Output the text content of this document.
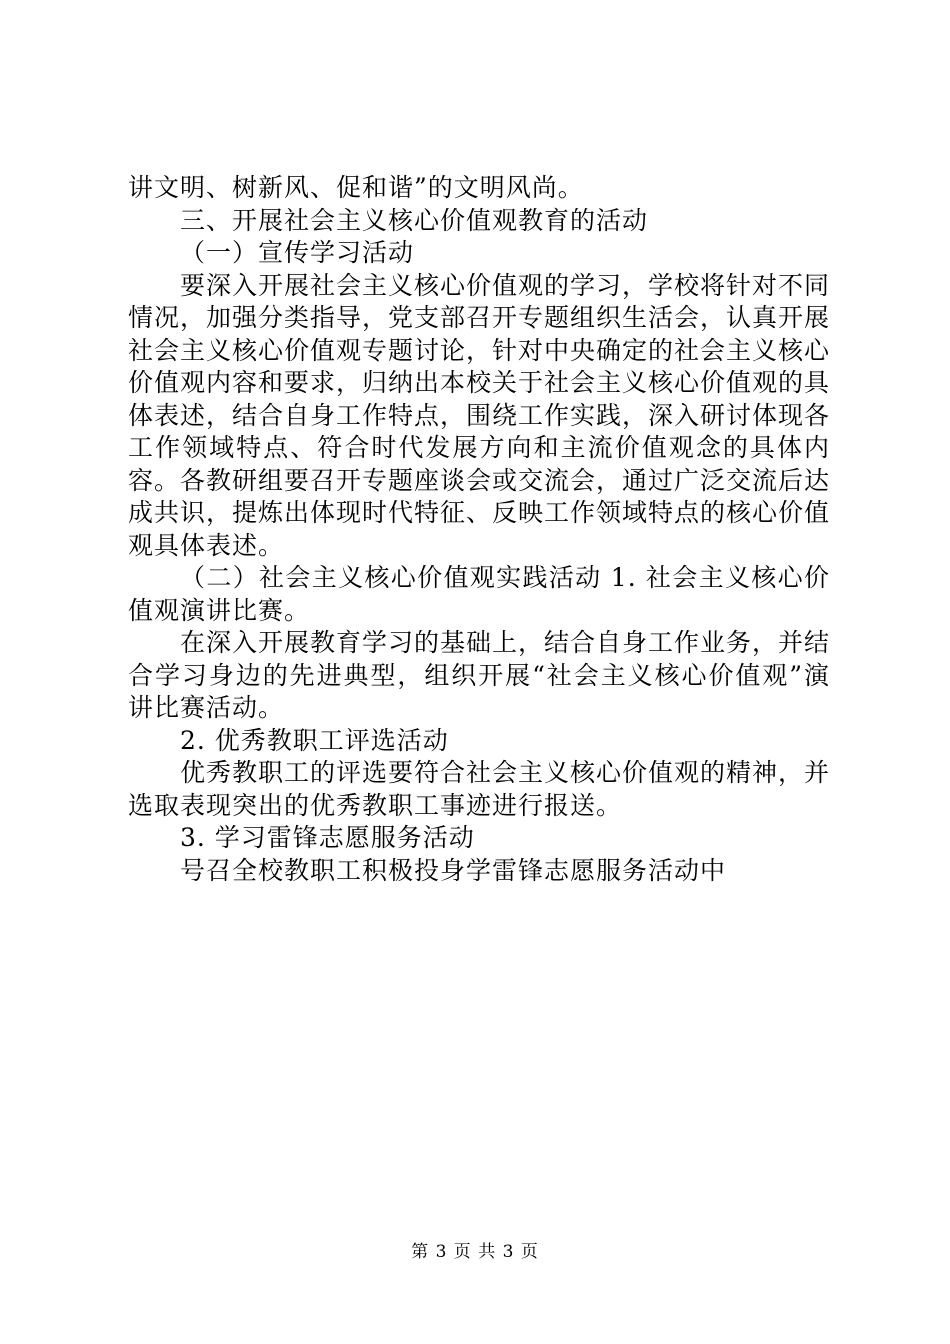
讲文明、树新风、促和谐”的文明风尚。

三、开展社会主义核心价值观教育的活动

（一）宣传学习活动

要深入开展社会主义核心价值观的学习，学校将针对不同情况，加强分类指导，党支部召开专题组织生活会，认真开展社会主义核心价值观专题讨论，针对中央确定的社会主义核心价值观内容和要求，归纳出本校关于社会主义核心价值观的具体表述，结合自身工作特点，围绕工作实践，深入研讨体现各工作领域特点、符合时代发展方向和主流价值观念的具体内容。各教研组要召开专题座谈会或交流会，通过广泛交流后达成共识，提炼出体现时代特征、反映工作领域特点的核心价值观具体表述。

（二）社会主义核心价值观实践活动 1. 社会主义核心价值观演讲比赛。

在深入开展教育学习的基础上，结合自身工作业务，并结合学习身边的先进典型，组织开展“社会主义核心价值观”演讲比赛活动。

2. 优秀教职工评选活动

优秀教职工的评选要符合社会主义核心价值观的精神，并选取表现突出的优秀教职工事迹进行报送。

3. 学习雷锋志愿服务活动

号召全校教职工积极投身学雷锋志愿服务活动中

第 3 页 共 3 页
